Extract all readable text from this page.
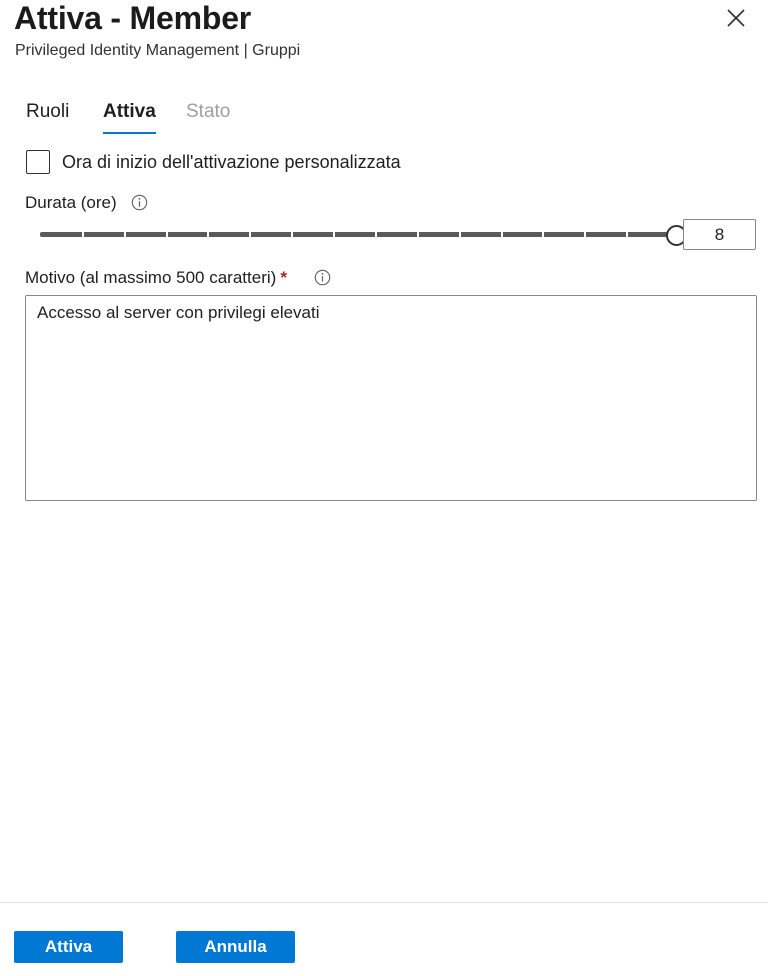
Attiva - Member
Privileged Identity Management | Gruppi
Ruoli Attiva Stato
Ora di inizio dell'attivazione personalizzata
Durata (ore)
8
Motivo (al massimo 500 caratteri) *
Accesso al server con privilegi elevati
Attiva	Annulla
